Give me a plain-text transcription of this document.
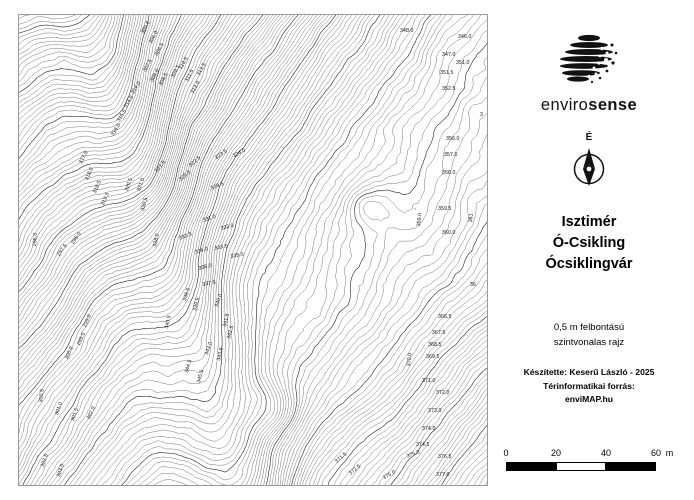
305.5
306.0
306.5
307.5
308.0
308.5
309.5
310.5
311.5
312.0
313.5
314.0
314.5
315.5
316.0
317.5
318.0
318.5
319.5
320.5 321.0
321.5	322.5
323.5 324.0
325.5
329.5
330.5
331.0
332.0
332.5
333.5
334.0
335.0
336.0
337.5
338.0
338.5
339.5 340.0
340.5	341.5
342.5
343.0 343.5
344.5
345.5
296.0
297.5
298.0
299.0
299.5
300.0
300.5
301.0 301.5 302.0
302.5
303.5
346.0
347.0
351.5
351.0
352.5
3
356.0
357.0
358.0
359.5
359.0
360.0
361
36
366.5
367.5
368.5
369.5
370.0
371.0
372.0
373.0
374.0
374.5
375.5	376.5
377.0
375.0
371.5
372.5
348.0
envirosense
É
Isztimér
Ó-Csikling
Ócsiklingvár
0,5 m felbontású
szintvonalas rajz
Készítette: Keserű László - 2025
Térinformatikai forrás:
enviMAP.hu
0	20	40	60 m
